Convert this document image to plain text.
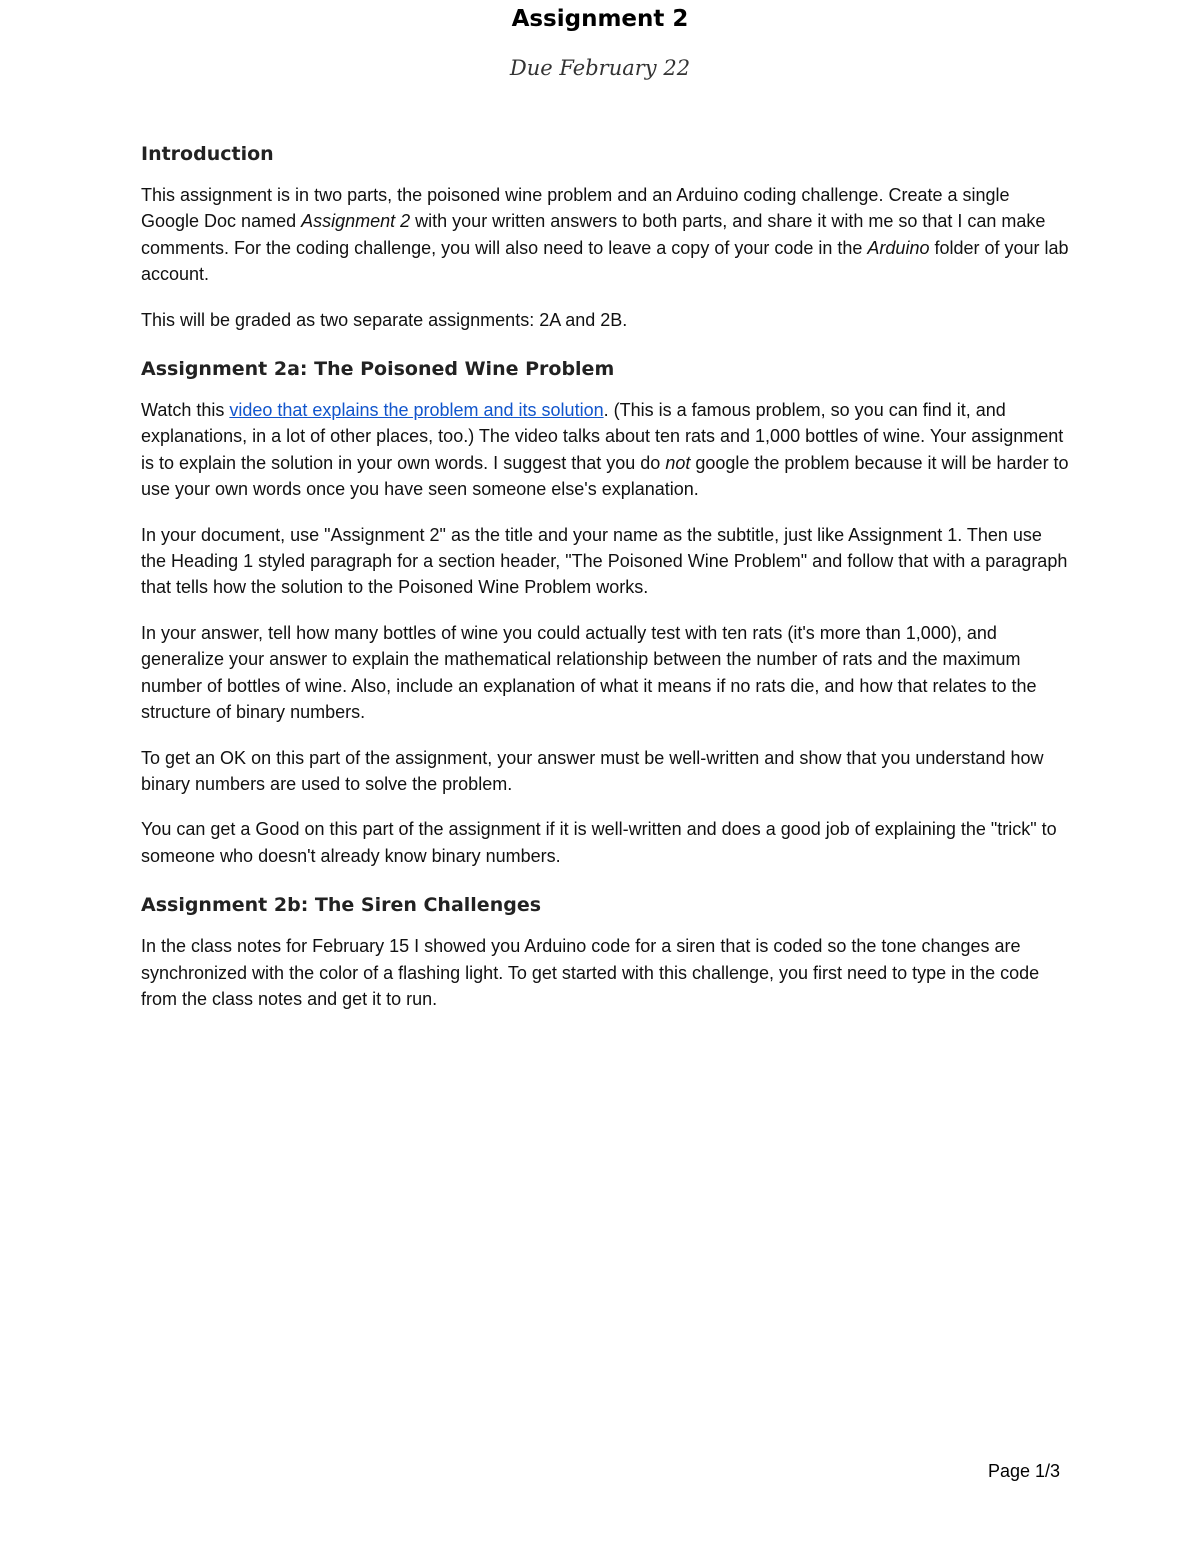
Assignment 2
Due February 22
Introduction

This assignment is in two parts, the poisoned wine problem and an Arduino coding challenge. Create a single Google Doc named Assignment 2 with your written answers to both parts, and share it with me so that I can make comments. For the coding challenge, you will also need to leave a copy of your code in the Arduino folder of your lab account.

This will be graded as two separate assignments: 2A and 2B.

Assignment 2a: The Poisoned Wine Problem

Watch this video that explains the problem and its solution. (This is a famous problem, so you can find it, and explanations, in a lot of other places, too.) The video talks about ten rats and 1,000 bottles of wine. Your assignment is to explain the solution in your own words. I suggest that you do not google the problem because it will be harder to use your own words once you have seen someone else's explanation.

In your document, use "Assignment 2" as the title and your name as the subtitle, just like Assignment 1. Then use the Heading 1 styled paragraph for a section header, "The Poisoned Wine Problem" and follow that with a paragraph that tells how the solution to the Poisoned Wine Problem works.

In your answer, tell how many bottles of wine you could actually test with ten rats (it's more than 1,000), and generalize your answer to explain the mathematical relationship between the number of rats and the maximum number of bottles of wine. Also, include an explanation of what it means if no rats die, and how that relates to the structure of binary numbers.

To get an OK on this part of the assignment, your answer must be well-written and show that you understand how binary numbers are used to solve the problem.

You can get a Good on this part of the assignment if it is well-written and does a good job of explaining the "trick" to someone who doesn't already know binary numbers.

Assignment 2b: The Siren Challenges

In the class notes for February 15 I showed you Arduino code for a siren that is coded so the tone changes are synchronized with the color of a flashing light. To get started with this challenge, you first need to type in the code from the class notes and get it to run.

Page 1/3
